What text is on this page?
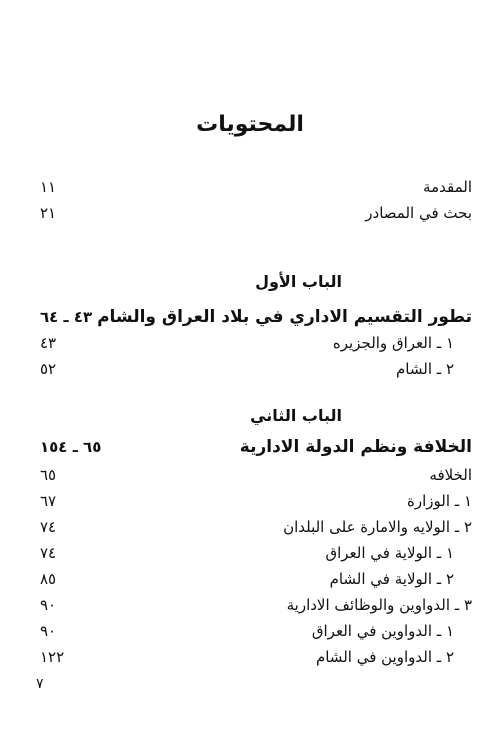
المحتويات
المقدمة
١١
بحث في المصادر
٢١
الباب الأول
تطور التقسيم الاداري في بلاد العراق والشام
٤٣ ـ ٦٤
١ ـ العراق والجزيره
٤٣
٢ ـ الشام
٥٢
الباب الثاني
الخلافة ونظم الدولة الادارية
٦٥ ـ ١٥٤
الخلافه
٦٥
١ ـ الوزارة
٦٧
٢ ـ الولايه والامارة على البلدان
٧٤
١ ـ الولاية في العراق
٧٤
٢ ـ الولاية في الشام
٨٥
٣ ـ الدواوين والوظائف الادارية
٩٠
١ ـ الدواوين في العراق
٩٠
٢ ـ الدواوين في الشام
١٢٢
٧
